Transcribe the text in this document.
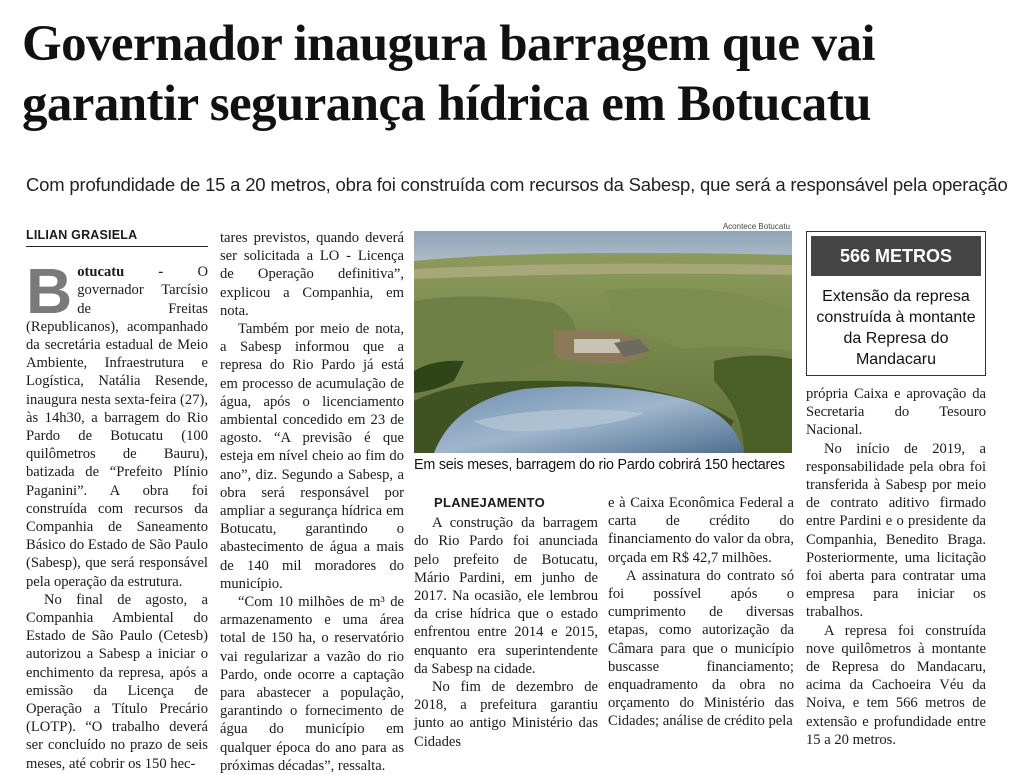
Governador inaugura barragem que vai
garantir segurança hídrica em Botucatu
Com profundidade de 15 a 20 metros, obra foi construída com recursos da Sabesp, que será a responsável pela operação
LILIAN GRASIELA

Botucatu - O governador Tarcísio de Freitas (Republicanos), acompanhado da secretária estadual de Meio Ambiente, Infraestrutura e Logística, Natália Resende, inaugura nesta sexta-feira (27), às 14h30, a barragem do Rio Pardo de Botucatu (100 quilômetros de Bauru), batizada de “Prefeito Plínio Paganini”. A obra foi construída com recursos da Companhia de Saneamento Básico do Estado de São Paulo (Sabesp), que será responsável pela operação da estrutura.

No final de agosto, a Companhia Ambiental do Estado de São Paulo (Cetesb) autorizou a Sabesp a iniciar o enchimento da represa, após a emissão da Licença de Operação a Título Precário (LOTP). “O trabalho deverá ser concluído no prazo de seis meses, até cobrir os 150 hec-

tares previstos, quando deverá ser solicitada a LO - Licença de Operação definitiva”, explicou a Companhia, em nota.

Também por meio de nota, a Sabesp informou que a represa do Rio Pardo já está em processo de acumulação de água, após o licenciamento ambiental concedido em 23 de agosto. “A previsão é que esteja em nível cheio ao fim do ano”, diz. Segundo a Sabesp, a obra será responsável por ampliar a segurança hídrica em Botucatu, garantindo o abastecimento de água a mais de 140 mil moradores do município.

“Com 10 milhões de m³ de armazenamento e uma área total de 150 ha, o reservatório vai regularizar a vazão do rio Pardo, onde ocorre a captação para abastecer a população, garantindo o fornecimento de água do município em qualquer época do ano para as próximas décadas”, ressalta.

Acontece Botucatu
Em seis meses, barragem do rio Pardo cobrirá 150 hectares
566 METROS
Extensão da represa construída à montante da Represa do Mandacaru
PLANEJAMENTO

A construção da barragem do Rio Pardo foi anunciada pelo prefeito de Botucatu, Mário Pardini, em junho de 2017. Na ocasião, ele lembrou da crise hídrica que o estado enfrentou entre 2014 e 2015, enquanto era superintendente da Sabesp na cidade.

No fim de dezembro de 2018, a prefeitura garantiu junto ao antigo Ministério das Cidades

e à Caixa Econômica Federal a carta de crédito do financiamento do valor da obra, orçada em R$ 42,7 milhões.

A assinatura do contrato só foi possível após o cumprimento de diversas etapas, como autorização da Câmara para que o município buscasse financiamento; enquadramento da obra no orçamento do Ministério das Cidades; análise de crédito pela

própria Caixa e aprovação da Secretaria do Tesouro Nacional.

No início de 2019, a responsabilidade pela obra foi transferida à Sabesp por meio de contrato aditivo firmado entre Pardini e o presidente da Companhia, Benedito Braga. Posteriormente, uma licitação foi aberta para contratar uma empresa para iniciar os trabalhos.

A represa foi construída nove quilômetros à montante de Represa do Mandacaru, acima da Cachoeira Véu da Noiva, e tem 566 metros de extensão e profundidade entre 15 a 20 metros.
